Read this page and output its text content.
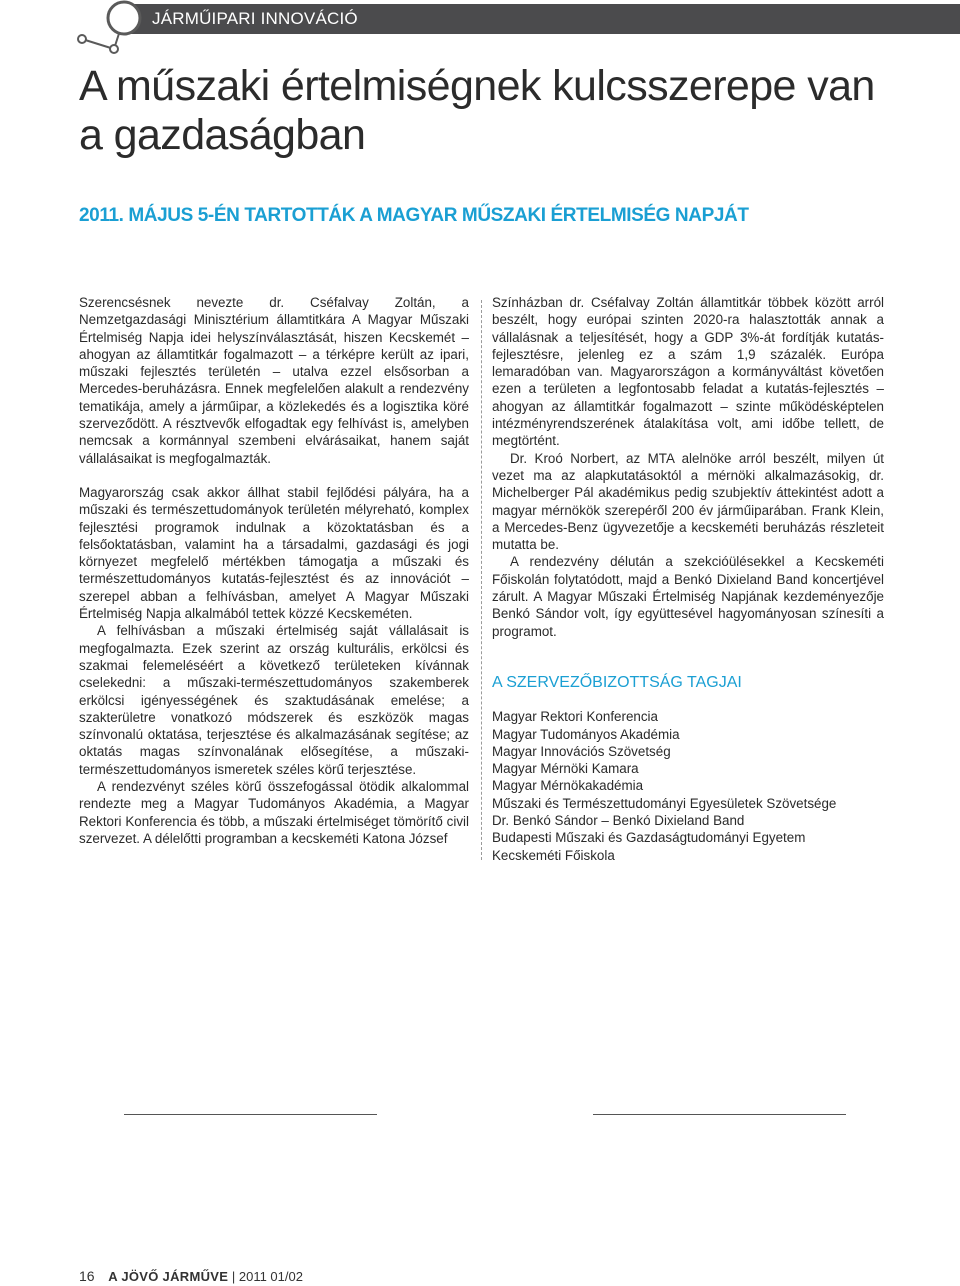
JÁRMŰIPARI INNOVÁCIÓ
A műszaki értelmiségnek kulcsszerepe van a gazdaságban
2011. MÁJUS 5-ÉN TARTOTTÁK A MAGYAR MŰSZAKI ÉRTELMISÉG NAPJÁT

Szerencsésnek nevezte dr. Cséfalvay Zoltán, a Nemzetgazdasági Minisztérium államtitkára A Magyar Műszaki Értelmiség Napja idei helyszínválasztását, hiszen Kecskemét – ahogyan az államtitkár fogalmazott – a térképre került az ipari, műszaki fejlesztés területén – utalva ezzel elsősorban a Mercedes-beruházásra. Ennek megfelelően alakult a rendezvény tematikája, amely a járműipar, a közlekedés és a logisztika köré szerveződött. A résztvevők elfogadtak egy felhívást is, amelyben nemcsak a kormánnyal szembeni elvárásaikat, hanem saját vállalásaikat is megfogalmazták.

Magyarország csak akkor állhat stabil fejlődési pályára, ha a műszaki és természettudományok területén mélyreható, komplex fejlesztési programok indulnak a közoktatásban és a felsőoktatásban, valamint ha a társadalmi, gazdasági és jogi környezet megfelelő mértékben támogatja a műszaki és természettudományos kutatás-fejlesztést és az innovációt – szerepel abban a felhívásban, amelyet A Magyar Műszaki Értelmiség Napja alkalmából tettek közzé Kecskeméten.

A felhívásban a műszaki értelmiség saját vállalásait is megfogalmazta. Ezek szerint az ország kulturális, erkölcsi és szakmai felemeléséért a következő területeken kívánnak cselekedni: a műszaki-természettudományos szakemberek erkölcsi igényességének és szaktudásának emelése; a szakterületre vonatkozó módszerek és eszközök magas színvonalú oktatása, terjesztése és alkalmazásának segítése; az oktatás magas színvonalának elősegítése, a műszaki-természettudományos ismeretek széles körű terjesztése.

A rendezvényt széles körű összefogással ötödik alkalommal rendezte meg a Magyar Tudományos Akadémia, a Magyar Rektori Konferencia és több, a műszaki értelmiséget tömörítő civil szervezet. A délelőtti programban a kecskeméti Katona József

Színházban dr. Cséfalvay Zoltán államtitkár többek között arról beszélt, hogy európai szinten 2020-ra halasztották annak a vállalásnak a teljesítését, hogy a GDP 3%-át fordítják kutatás-fejlesztésre, jelenleg ez a szám 1,9 százalék. Európa lemaradóban van. Magyarországon a kormányváltást követően ezen a területen a legfontosabb feladat a kutatás-fejlesztés – ahogyan az államtitkár fogalmazott – szinte működésképtelen intézményrendszerének átalakítása volt, ami időbe tellett, de megtörtént.

Dr. Kroó Norbert, az MTA alelnöke arról beszélt, milyen út vezet ma az alapkutatásoktól a mérnöki alkalmazásokig, dr. Michelberger Pál akadémikus pedig szubjektív áttekintést adott a magyar mérnökök szerepéről 200 év járműiparában. Frank Klein, a Mercedes-Benz ügyvezetője a kecskeméti beruházás részleteit mutatta be.

A rendezvény délután a szekcióülésekkel a Kecskeméti Főiskolán folytatódott, majd a Benkó Dixieland Band koncertjével zárult. A Magyar Műszaki Értelmiség Napjának kezdeményezője Benkó Sándor volt, így együttesével hagyományosan színesíti a programot.

A SZERVEZŐBIZOTTSÁG TAGJAI
Magyar Rektori Konferencia
Magyar Tudományos Akadémia
Magyar Innovációs Szövetség
Magyar Mérnöki Kamara
Magyar Mérnökakadémia
Műszaki és Természettudományi Egyesületek Szövetsége
Dr. Benkó Sándor – Benkó Dixieland Band
Budapesti Műszaki és Gazdaságtudományi Egyetem
Kecskeméti Főiskola
16 A JÖVŐ JÁRMŰVE | 2011 01/02
